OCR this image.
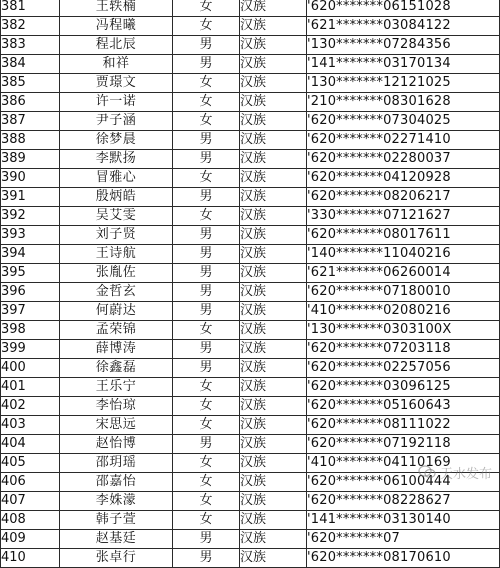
381	王轶楠	女	汉族	'620*******06151028
382	冯程曦	女	汉族	'621*******03084122
383	程北辰	男	汉族	'130*******07284356
384	和祥	男	汉族	'141*******03170134
385	贾璟文	女	汉族	'130*******12121025
386	许一诺	女	汉族	'210*******08301628
387	尹子涵	女	汉族	'620*******07304025
388	徐梦晨	男	汉族	'620*******02271410
389	李默扬	男	汉族	'620*******02280037
390	冒雅心	女	汉族	'620*******04120928
391	殷炳皓	男	汉族	'620*******08206217
392	吴艾雯	女	汉族	'330*******07121627
393	刘子贤	男	汉族	'620*******08017611
394	王诗航	男	汉族	'140*******11040216
395	张胤佐	男	汉族	'621*******06260014
396	金哲玄	男	汉族	'620*******07180010
397	何蔚达	男	汉族	'410*******02080216
398	孟荣锦	女	汉族	'130*******0303100X
399	薛博涛	男	汉族	'620*******07203118
400	徐鑫磊	男	汉族	'620*******02257056
401	王乐宁	女	汉族	'620*******03096125
402	李怡琼	女	汉族	'620*******05160643
403	宋思远	女	汉族	'620*******08111022
404	赵怡博	男	汉族	'620*******07192118
405	邵玥瑶	女	汉族	'410*******04110169
406	邵嘉怡	女	汉族	'620*******06100444
407	李姝濛	女	汉族	'620*******08228627
408	韩子萱	女	汉族	'141*******03130140
409	赵基廷	男	汉族	'620*******07
410	张卓行	男	汉族	'620*******08170610
天水发布
